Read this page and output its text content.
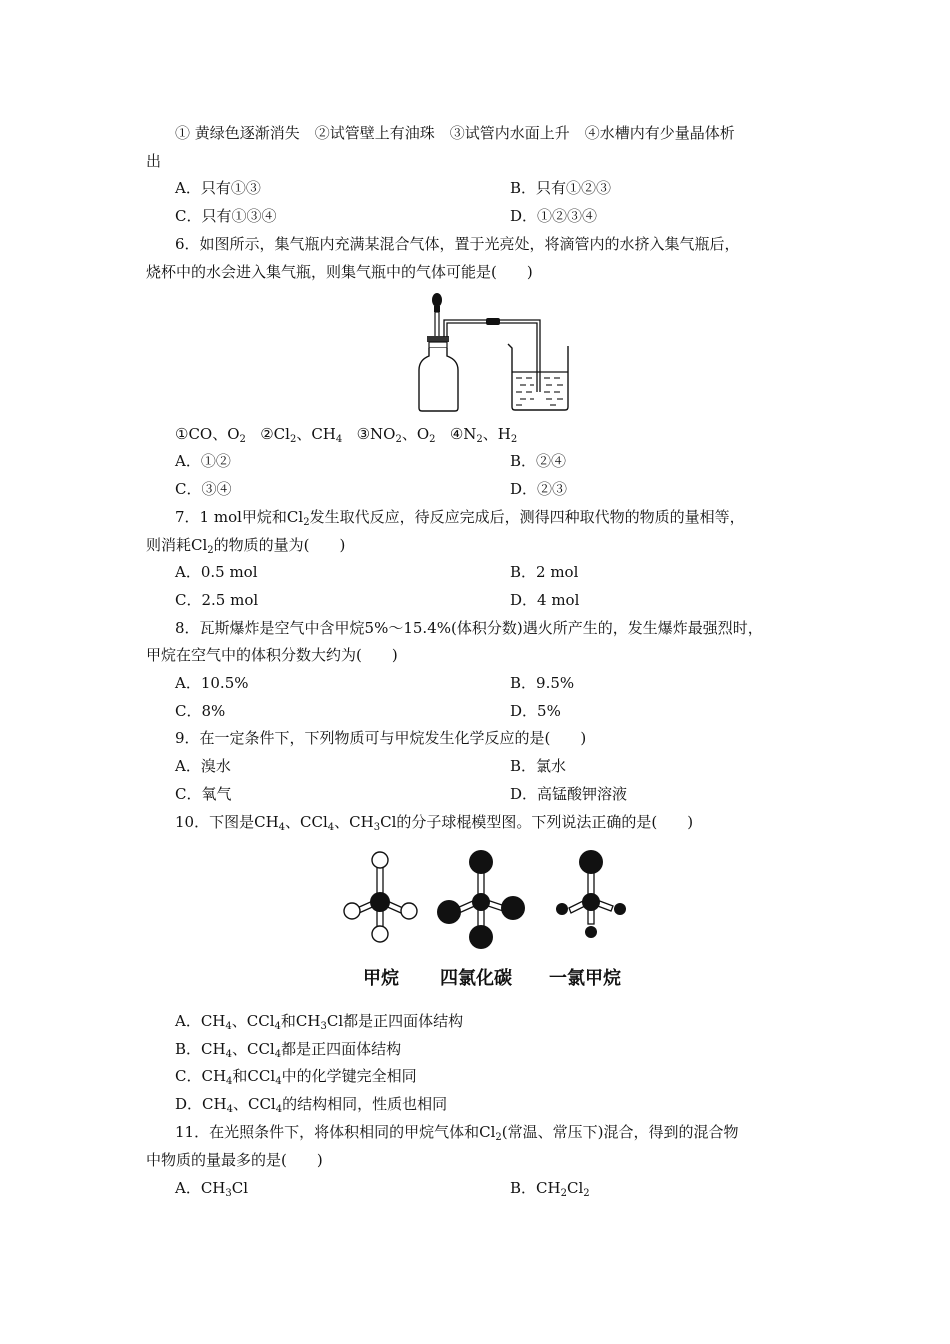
① 黄绿色逐渐消失　②试管壁上有油珠　③试管内水面上升　④水槽内有少量晶体析
出
A．只有①③	B．只有①②③
C．只有①③④	D．①②③④
6．如图所示，集气瓶内充满某混合气体，置于光亮处，将滴管内的水挤入集气瓶后，
烧杯中的水会进入集气瓶，则集气瓶中的气体可能是(　　)
①CO、$O_2$ $②Cl_2$、$CH_4$ $③NO_2$、$O_2$ $④N_2$、$H_2$
A．①②	B．②④
C．③④	D．②③
7．1 mol甲烷和$Cl_2$发生取代反应，待反应完成后，测得四种取代物的物质的量相等，
则消耗$Cl_2$的物质的量为(　　)
A．0.5 mol	B．2 mol
C．2.5 mol	D．4 mol
8．瓦斯爆炸是空气中含甲烷5%～15.4%(体积分数)遇火所产生的，发生爆炸最强烈时，
甲烷在空气中的体积分数大约为(　　)
A．10.5%	B．9.5%
C．8%	D．5%
9．在一定条件下，下列物质可与甲烷发生化学反应的是(　　)
A．溴水	B．氯水
C．氧气	D．高锰酸钾溶液
10．下图是$CH_4$、CCl$_4$、$CH_3Cl$的分子球棍模型图。下列说法正确的是(　　)
甲烷 四氯化碳 一氯甲烷
A．$CH_4$、CCl$_4$和$CH_3Cl$都是正四面体结构
B．$CH_4$、CCl$_4$都是正四面体结构
C．$CH_4$和CCl$_4$中的化学键完全相同
D．$CH_4$、CCl$_4$的结构相同，性质也相同
11．在光照条件下，将体积相同的甲烷气体和$Cl_2$(常温、常压下)混合，得到的混合物
中物质的量最多的是(　　)
A．$CH_3Cl$	B．$CH_2Cl_2$
